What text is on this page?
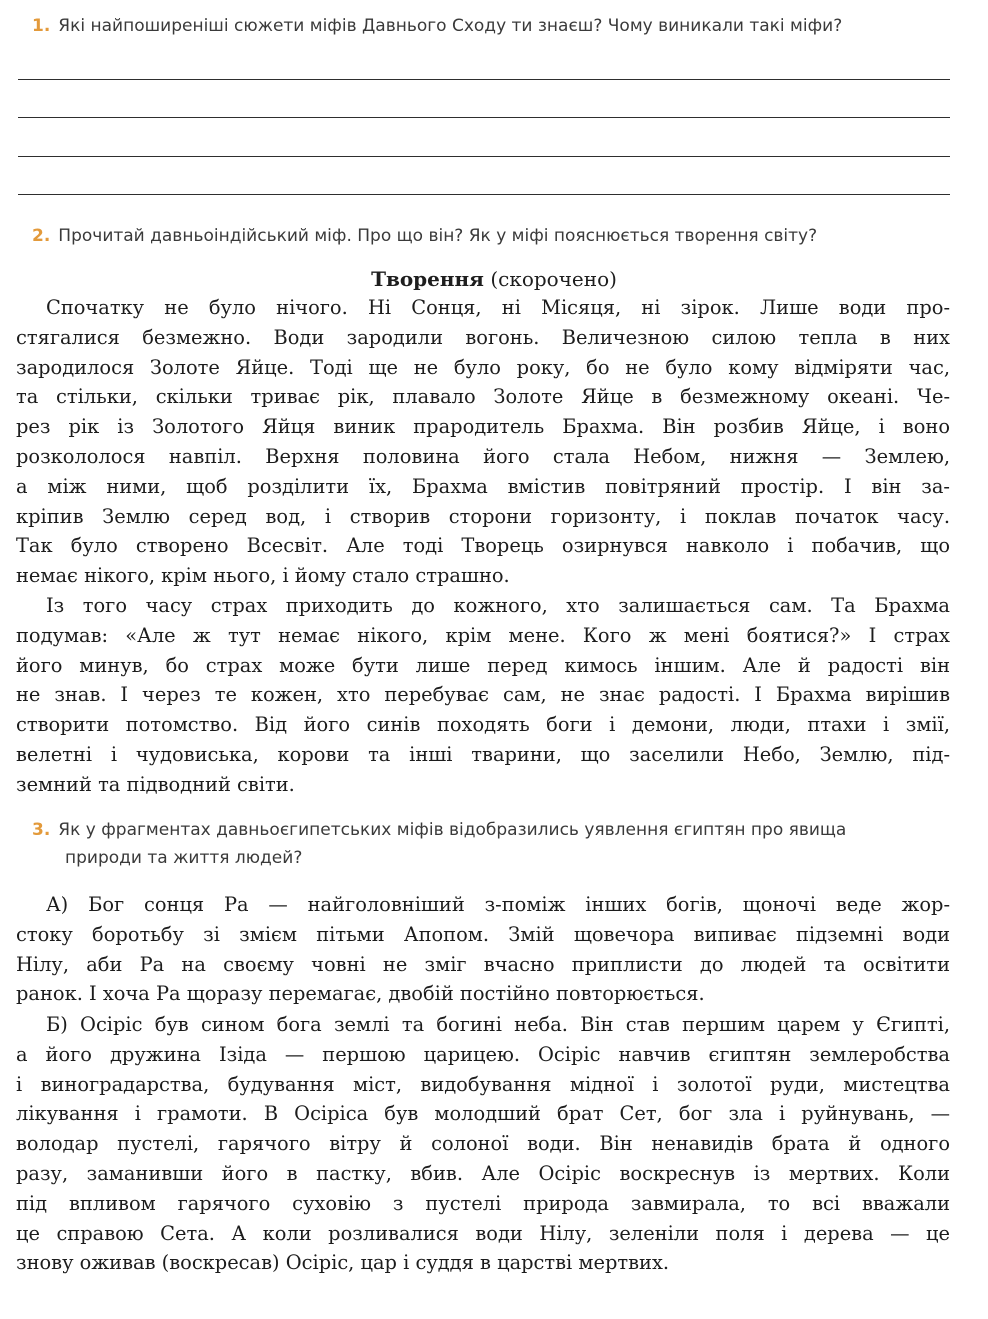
1. Які найпоширеніші сюжети міфів Давнього Сходу ти знаєш? Чому виникали такі міфи?
2. Прочитай давньоіндійський міф. Про що він? Як у міфі пояснюється творення світу?
Творення (скорочено)
Спочатку не було нічого. Ні Сонця, ні Місяця, ні зірок. Лише води про-
стягалися безмежно. Води зародили вогонь. Величезною силою тепла в них
зародилося Золоте Яйце. Тоді ще не було року, бо не було кому відміряти час,
та стільки, скільки триває рік, плавало Золоте Яйце в безмежному океані. Че-
рез рік із Золотого Яйця виник прародитель Брахма. Він розбив Яйце, і воно
розкололося навпіл. Верхня половина його стала Небом, нижня — Землею,
а між ними, щоб розділити їх, Брахма вмістив повітряний простір. І він за-
кріпив Землю серед вод, і створив сторони горизонту, і поклав початок часу.
Так було створено Всесвіт. Але тоді Творець озирнувся навколо і побачив, що
немає нікого, крім нього, і йому стало страшно.
Із того часу страх приходить до кожного, хто залишається сам. Та Брахма
подумав: «Але ж тут немає нікого, крім мене. Кого ж мені боятися?» І страх
його минув, бо страх може бути лише перед кимось іншим. Але й радості він
не знав. І через те кожен, хто перебуває сам, не знає радості. І Брахма вирішив
створити потомство. Від його синів походять боги і демони, люди, птахи і змії,
велетні і чудовиська, корови та інші тварини, що заселили Небо, Землю, під-
земний та підводний світи.
3. Як у фрагментах давньоєгипетських міфів відобразились уявлення єгиптян про явища
природи та життя людей?
А) Бог сонця Ра — найголовніший з-поміж інших богів, щоночі веде жор-
стоку боротьбу зі змієм пітьми Апопом. Змій щовечора випиває підземні води
Нілу, аби Ра на своєму човні не зміг вчасно приплисти до людей та освітити
ранок. І хоча Ра щоразу перемагає, двобій постійно повторюється.
Б) Осіріс був сином бога землі та богині неба. Він став першим царем у Єгипті,
а його дружина Ізіда — першою царицею. Осіріс навчив єгиптян землеробства
і виноградарства, будування міст, видобування мідної і золотої руди, мистецтва
лікування і грамоти. В Осіріса був молодший брат Сет, бог зла і руйнувань, —
володар пустелі, гарячого вітру й солоної води. Він ненавидів брата й одного
разу, заманивши його в пастку, вбив. Але Осіріс воскреснув із мертвих. Коли
під впливом гарячого суховію з пустелі природа завмирала, то всі вважали
це справою Сета. А коли розливалися води Нілу, зеленіли поля і дерева — це
знову оживав (воскресав) Осіріс, цар і суддя в царстві мертвих.
